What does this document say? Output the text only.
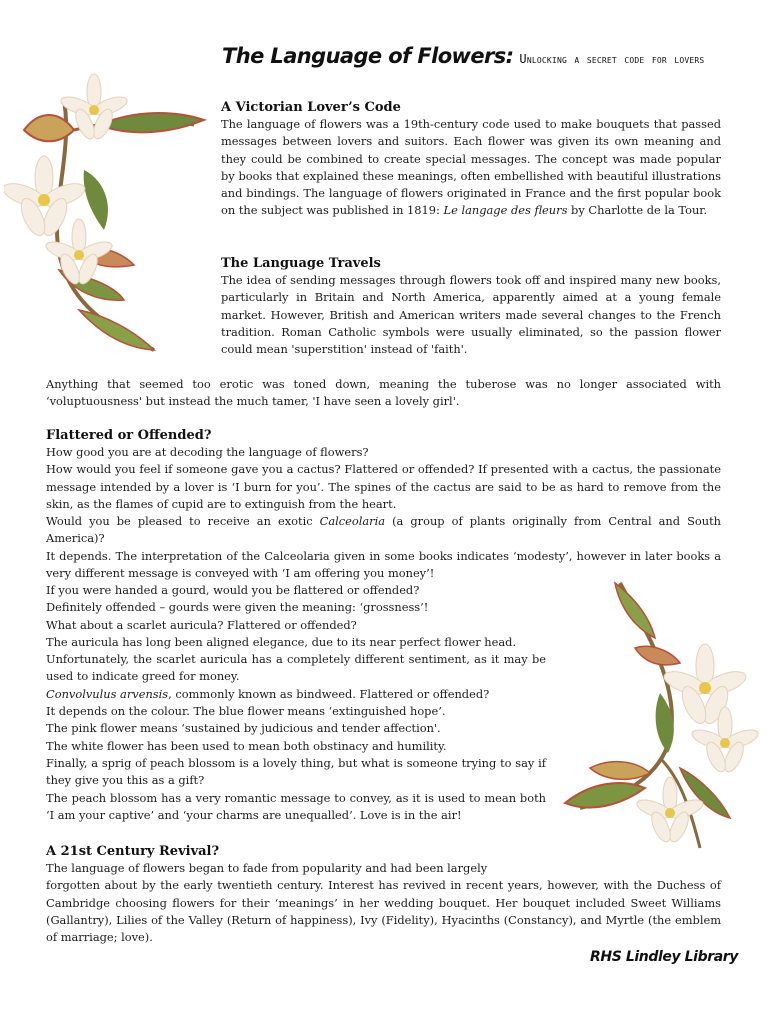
The Language of Flowers: Unlocking a secret code for lovers
A Victorian Lover’s Code

The language of flowers was a 19th-century code used to make bouquets that passed messages between lovers and suitors. Each flower was given its own meaning and they could be combined to create special messages. The concept was made popular by books that explained these meanings, often embellished with beautiful illustrations and bindings. The language of flowers originated in France and the first popular book on the subject was published in 1819: Le langage des fleurs by Charlotte de la Tour.

The Language Travels

The idea of sending messages through flowers took off and inspired many new books, particularly in Britain and North America, apparently aimed at a young female market. However, British and American writers made several changes to the French tradition. Roman Catholic symbols were usually eliminated, so the passion flower could mean 'superstition' instead of 'faith'.

Anything that seemed too erotic was toned down, meaning the tuberose was no longer associated with ‘voluptuousness' but instead the much tamer, 'I have seen a lovely girl'.

Flattered or Offended?

How good you are at decoding the language of flowers?

How would you feel if someone gave you a cactus? Flattered or offended? If presented with a cactus, the passionate message intended by a lover is ‘I burn for you’. The spines of the cactus are said to be as hard to remove from the skin, as the flames of cupid are to extinguish from the heart.

Would you be pleased to receive an exotic Calceolaria (a group of plants originally from Central and South America)?

It depends. The interpretation of the Calceolaria given in some books indicates ‘modesty’, however in later books a very different message is conveyed with ‘I am offering you money’!

If you were handed a gourd, would you be flattered or offended?

Definitely offended – gourds were given the meaning: ‘grossness’!

What about a scarlet auricula? Flattered or offended?

The auricula has long been aligned elegance, due to its near perfect flower head.

Unfortunately, the scarlet auricula has a completely different sentiment, as it may be used to indicate greed for money.

Convolvulus arvensis, commonly known as bindweed. Flattered or offended?

It depends on the colour. The blue flower means ‘extinguished hope’.

The pink flower means ‘sustained by judicious and tender affection'.

The white flower has been used to mean both obstinacy and humility.

Finally, a sprig of peach blossom is a lovely thing, but what is someone trying to say if they give you this as a gift?

The peach blossom has a very romantic message to convey, as it is used to mean both ‘I am your captive’ and ‘your charms are unequalled’. Love is in the air!

A 21st Century Revival?

The language of flowers began to fade from popularity and had been largely

forgotten about by the early twentieth century. Interest has revived in recent years, however, with the Duchess of Cambridge choosing flowers for their ‘meanings’ in her wedding bouquet. Her bouquet included Sweet Williams (Gallantry), Lilies of the Valley (Return of happiness), Ivy (Fidelity), Hyacinths (Constancy), and Myrtle (the emblem of marriage; love).

RHS Lindley Library
